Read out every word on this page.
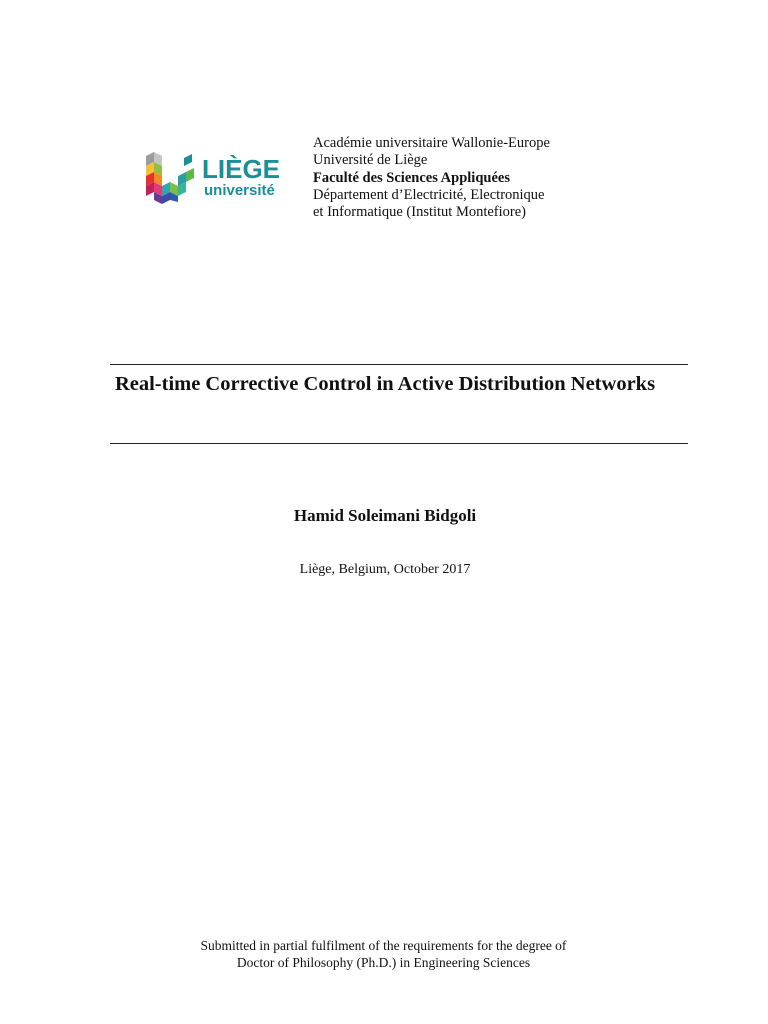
LIÈGE
université
Académie universitaire Wallonie-Europe
Université de Liège
Faculté des Sciences Appliquées
Département d’Electricité, Electronique
et Informatique (Institut Montefiore)
Real-time Corrective Control in Active Distribution Networks

Hamid Soleimani Bidgoli

Liège, Belgium, October 2017

Submitted in partial fulfilment of the requirements for the degree of
Doctor of Philosophy (Ph.D.) in Engineering Sciences
